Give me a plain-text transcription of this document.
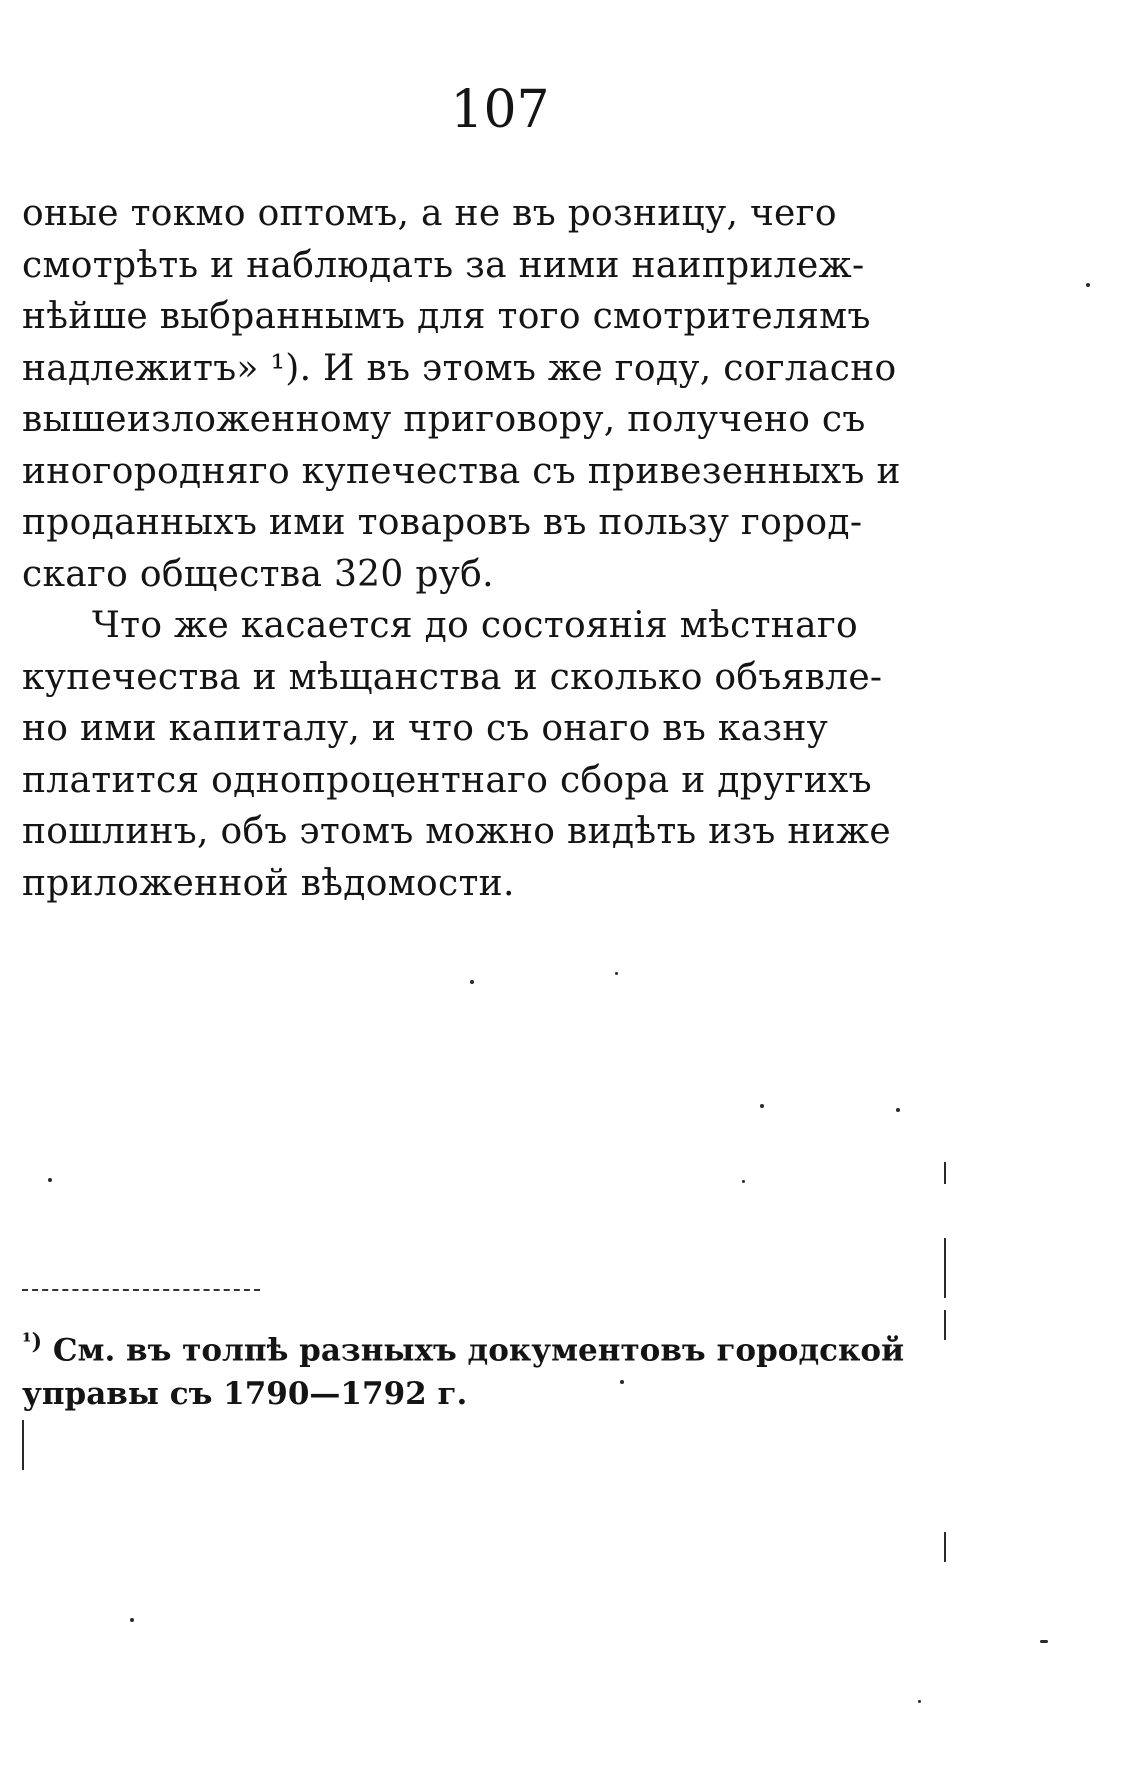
107
оные токмо оптомъ, а не въ розницу, чего
смотрѣть и наблюдать за ними наиприлеж-
нѣйше выбраннымъ для того смотрителямъ
надлежитъ» ¹). И въ этомъ же году, согласно
вышеизложенному приговору, получено съ
иногородняго купечества съ привезенныхъ и
проданныхъ ими товаровъ въ пользу город-
скаго общества 320 руб.
Что же касается до состоянія мѣстнаго
купечества и мѣщанства и сколько объявле-
но ими капиталу, и что съ онаго въ казну
платится однопроцентнаго сбора и другихъ
пошлинъ, объ этомъ можно видѣть изъ ниже
приложенной вѣдомости.
$^{^1)}$ См. въ толпѣ разныхъ документовъ городской
управы съ 1790—1792 г.
